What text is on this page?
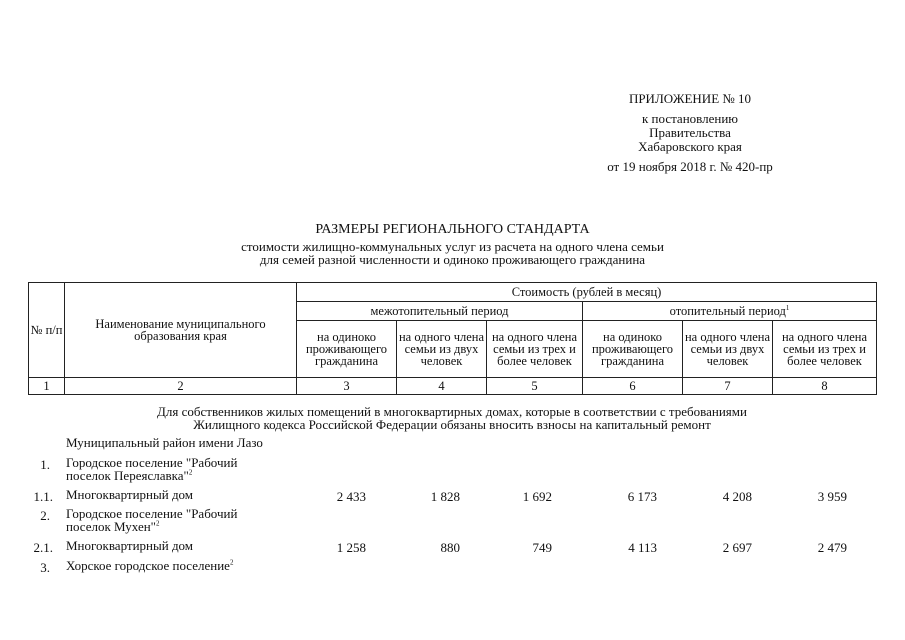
ПРИЛОЖЕНИЕ № 10
к постановлению
Правительства
Хабаровского края
от 19 ноября 2018 г. № 420-пр
РАЗМЕРЫ РЕГИОНАЛЬНОГО СТАНДАРТА
стоимости жилищно-коммунальных услуг из расчета на одного члена семьи
для семей разной численности и одиноко проживающего гражданина
№ п/п	Наименование муниципального образования края	Стоимость (рублей в месяц)					
		межотопительный период			отопительный период$^1$
		на одиноко проживающего гражданина	на одного члена семьи из двух человек	на одного члена семьи из трех и более человек	на одиноко проживающего гражданина	на одного члена семьи из двух человек	на одного члена семьи из трех и более человек
1	2	3	4	5	6	7	8
Для собственников жилых помещений в многоквартирных домах, которые в соответствии с требованиями
Жилищного кодекса Российской Федерации обязаны вносить взносы на капитальный ремонт
Муниципальный район имени Лазо
1. Городское поселение "Рабочий
поселок Переяславка"$^2$
1.1. Многоквартирный дом	2 433	1 828	1 692	6 173	4 208	3 959
2. Городское поселение "Рабочий
поселок Мухен"$^2$
2.1. Многоквартирный дом	1 258	880	749	4 113	2 697	2 479
3. Хорское городское поселение$^2$
